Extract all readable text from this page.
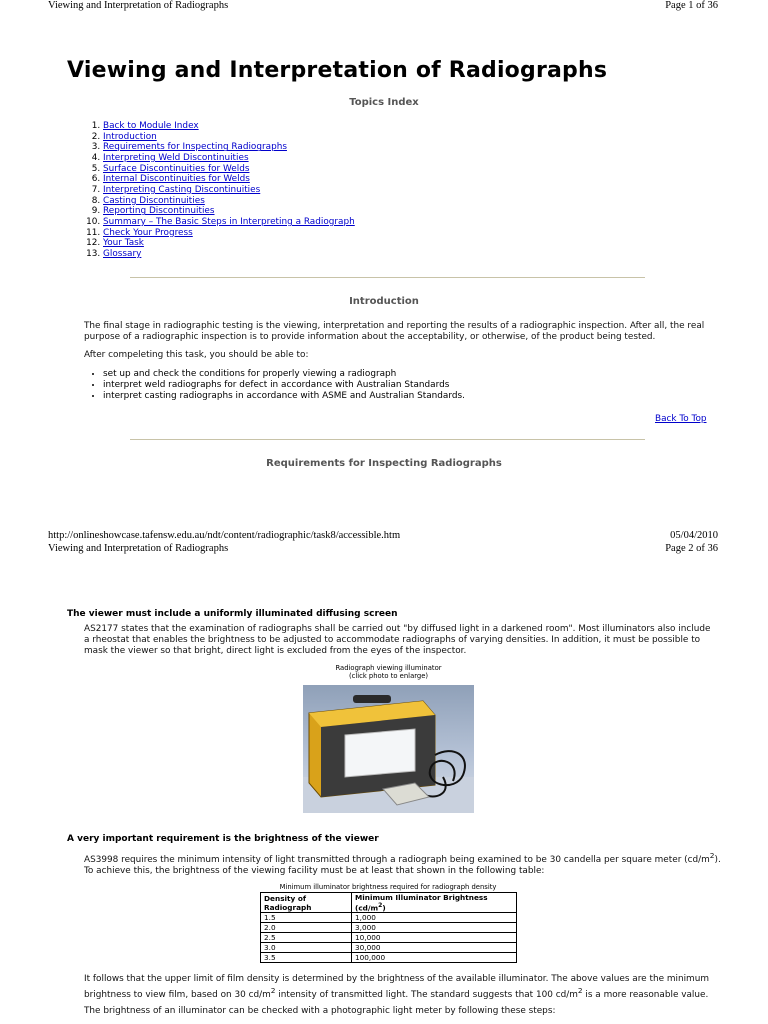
Viewing and Interpretation of Radiographs	Page 1 of 36
Viewing and Interpretation of Radiographs
Topics Index
1. Back to Module Index
2. Introduction
3. Requirements for Inspecting Radiographs
4. Interpreting Weld Discontinuities
5. Surface Discontinuities for Welds
6. Internal Discontinuities for Welds
7. Interpreting Casting Discontinuities
8. Casting Discontinuities
9. Reporting Discontinuities
10. Summary – The Basic Steps in Interpreting a Radiograph
11. Check Your Progress
12. Your Task
13. Glossary
Introduction
The final stage in radiographic testing is the viewing, interpretation and reporting the results of a radiographic inspection. After all, the real purpose of a radiographic inspection is to provide information about the acceptability, or otherwise, of the product being tested.
After compeleting this task, you should be able to:
• set up and check the conditions for properly viewing a radiograph
• interpret weld radiographs for defect in accordance with Australian Standards
• interpret casting radiographs in accordance with ASME and Australian Standards.
Back To Top
Requirements for Inspecting Radiographs
http://onlineshowcase.tafensw.edu.au/ndt/content/radiographic/task8/accessible.htm	05/04/2010
Viewing and Interpretation of Radiographs	Page 2 of 36
The viewer must include a uniformly illuminated diffusing screen
AS2177 states that the examination of radiographs shall be carried out "by diffused light in a darkened room". Most illuminators also include a rheostat that enables the brightness to be adjusted to accommodate radiographs of varying densities. In addition, it must be possible to mask the viewer so that bright, direct light is excluded from the eyes of the inspector.
Radiograph viewing illuminator
(click photo to enlarge)
A very important requirement is the brightness of the viewer
AS3998 requires the minimum intensity of light transmitted through a radiograph being examined to be 30 candella per square meter $(cd/m^2)$. To achieve this, the brightness of the viewing facility must be at least that shown in the following table:
Minimum illuminator brightness required for radiograph density
Density of Radiograph	Minimum Illuminator Brightness $(cd/m^2)$
1.5	1,000
2.0	3,000
2.5	10,000
3.0	30,000
3.5	100,000
It follows that the upper limit of film density is determined by the brightness of the available illuminator. The above values are the minimum brightness to view film, based on 30 $cd/m^2$ intensity of transmitted light. The standard suggests that 100 $cd/m^2$ is a more reasonable value.
The brightness of an illuminator can be checked with a photographic light meter by following these steps:
